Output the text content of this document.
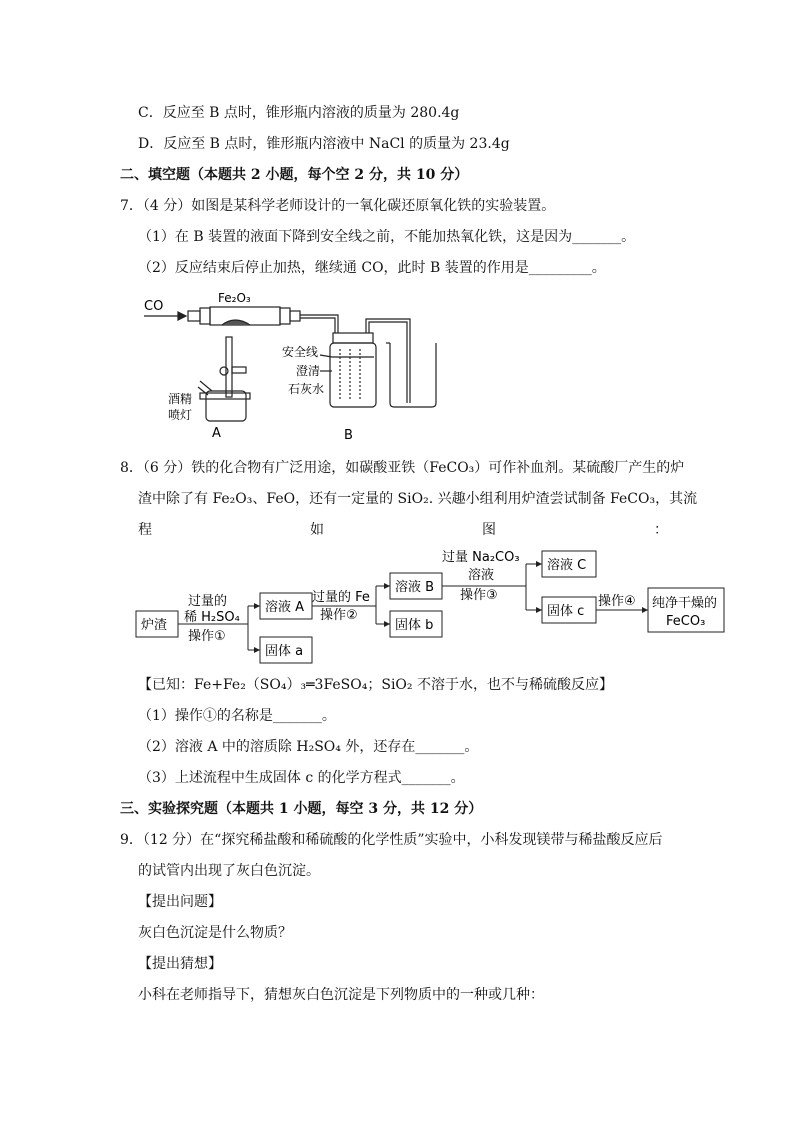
C．反应至 B 点时，锥形瓶内溶液的质量为 280.4g
D．反应至 B 点时，锥形瓶内溶液中 NaCl 的质量为 23.4g
二、填空题（本题共 2 小题，每个空 2 分，共 10 分）
7．（4 分）如图是某科学老师设计的一氧化碳还原氧化铁的实验装置。
（1）在 B 装置的液面下降到安全线之前，不能加热氧化铁，这是因为_______。
（2）反应结束后停止加热，继续通 CO，此时 B 装置的作用是_________。
CO
Fe₂O₃
安全线
澄清
石灰水
酒精
喷灯
A	B
8．（6 分）铁的化合物有广泛用途，如碳酸亚铁（FeCO₃）可作补血剂。某硫酸厂产生的炉
渣中除了有 Fe₂O₃、FeO，还有一定量的 SiO₂. 兴趣小组利用炉渣尝试制备 FeCO₃，其流
程	如	图	：
炉渣
过量的
稀 H₂SO₄
操作①
溶液 A
固体 a
过量的 Fe
操作②
溶液 B
固体 b
过量 Na₂CO₃
溶液
操作③
溶液 C
固体 c
操作④ 纯净干燥的
FeCO₃
【已知：Fe+Fe₂（SO₄）₃═3FeSO₄；SiO₂ 不溶于水，也不与稀硫酸反应】
（1）操作①的名称是_______。
（2）溶液 A 中的溶质除 H₂SO₄ 外，还存在_______。
（3）上述流程中生成固体 c 的化学方程式_______。
三、实验探究题（本题共 1 小题，每空 3 分，共 12 分）
9．（12 分）在“探究稀盐酸和稀硫酸的化学性质”实验中，小科发现镁带与稀盐酸反应后
的试管内出现了灰白色沉淀。
【提出问题】
灰白色沉淀是什么物质？
【提出猜想】
小科在老师指导下，猜想灰白色沉淀是下列物质中的一种或几种：
